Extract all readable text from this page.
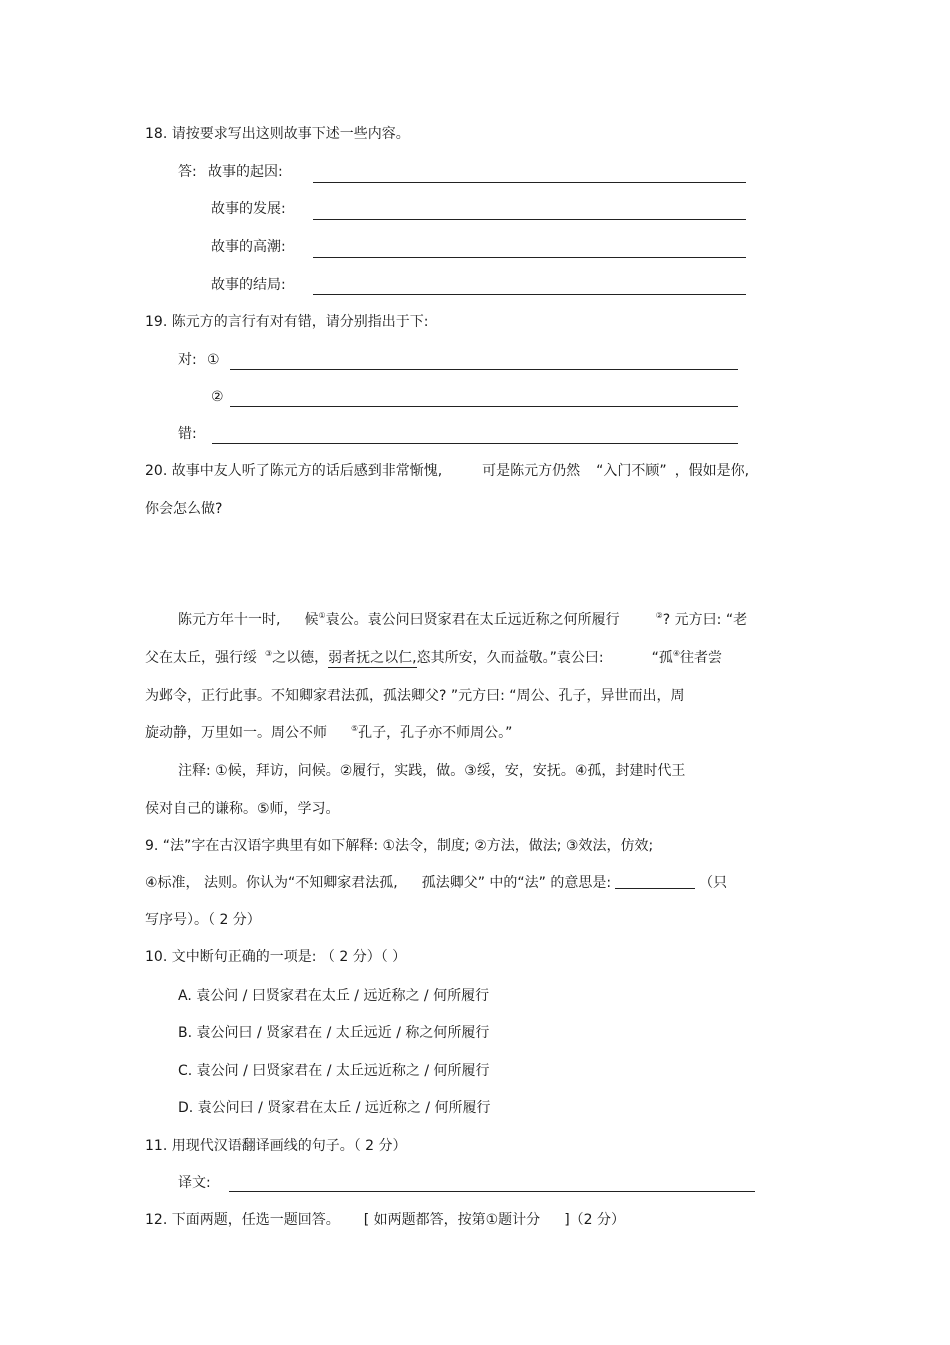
18. 请按要求写出这则故事下述一些内容。
答: 故事的起因:
故事的发展:
故事的高潮:
故事的结局:
19. 陈元方的言行有对有错，请分别指出于下:
对: ①
②
错:
20. 故事中友人听了陈元方的话后感到非常惭愧,	可是陈元方仍然 “入门不顾” ，假如是你,
你会怎么做?
陈元方年十一时, 候①袁公。袁公问曰贤家君在太丘远近称之何所履行	②? 元方曰: “老
父在太丘，强行绥 ③之以德，弱者抚之以仁,恣其所安，久而益敬。”袁公曰:	“孤④往者尝
为邺令，正行此事。不知卿家君法孤，孤法卿父? ”元方曰: “周公、孔子，异世而出，周
旋动静，万里如一。周公不师	⑤孔子，孔子亦不师周公。”
注释: ①候，拜访，问候。②履行，实践，做。③绥，安，安抚。④孤，封建时代王
侯对自己的谦称。⑤师，学习。
9. “法”字在古汉语字典里有如下解释: ①法令，制度; ②方法，做法; ③效法，仿效;
④标准， 法则。你认为“不知卿家君法孤, 孤法卿父” 中的“法” 的意思是:	（只
写序号）。（ 2 分）
10. 文中断句正确的一项是: （ 2 分）（ ）
A. 袁公问 / 曰贤家君在太丘 / 远近称之 / 何所履行
B. 袁公问曰 / 贤家君在 / 太丘远近 / 称之何所履行
C. 袁公问 / 曰贤家君在 / 太丘远近称之 / 何所履行
D. 袁公问曰 / 贤家君在太丘 / 远近称之 / 何所履行
11. 用现代汉语翻译画线的句子。（ 2 分）
译文:
12. 下面两题，任选一题回答。 [ 如两题都答，按第①题计分 ]（2 分）
